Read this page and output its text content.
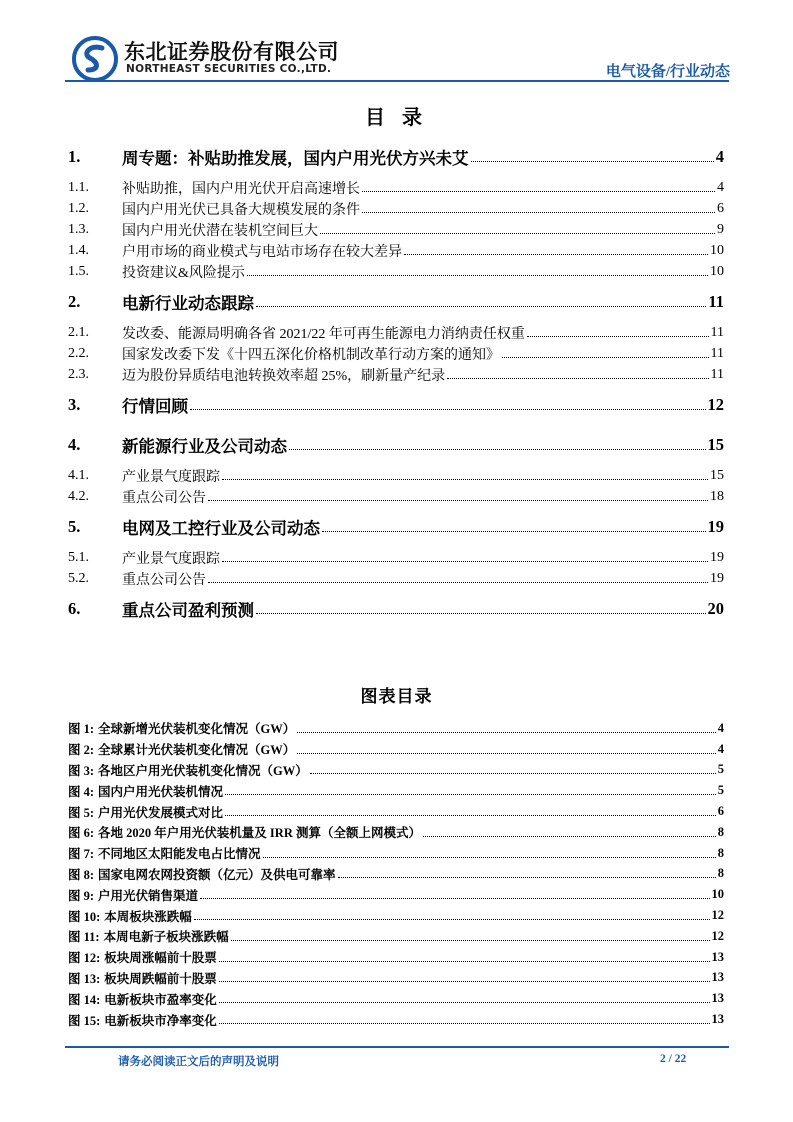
东北证券股份有限公司
NORTHEAST SECURITIES CO.,LTD.	电气设备/行业动态
目 录
1.	周专题：补贴助推发展，国内户用光伏方兴未艾	4
1.1.	补贴助推，国内户用光伏开启高速增长	4
1.2.	国内户用光伏已具备大规模发展的条件	6
1.3.	国内户用光伏潜在装机空间巨大	9
1.4.	户用市场的商业模式与电站市场存在较大差异	10
1.5.	投资建议&风险提示	10
2.	电新行业动态跟踪	11
2.1.	发改委、能源局明确各省 2021/22 年可再生能源电力消纳责任权重	11
2.2.	国家发改委下发《十四五深化价格机制改革行动方案的通知》	11
2.3.	迈为股份异质结电池转换效率超 25%，刷新量产纪录	11
3.	行情回顾	12
4.	新能源行业及公司动态	15
4.1.	产业景气度跟踪	15
4.2.	重点公司公告	18
5.	电网及工控行业及公司动态	19
5.1.	产业景气度跟踪	19
5.2.	重点公司公告	19
6.	重点公司盈利预测	20
图表目录
图 1: 全球新增光伏装机变化情况（GW）	4
图 2: 全球累计光伏装机变化情况（GW）	4
图 3: 各地区户用光伏装机变化情况（GW）	5
图 4: 国内户用光伏装机情况	5
图 5: 户用光伏发展模式对比	6
图 6: 各地 2020 年户用光伏装机量及 IRR 测算（全额上网模式）	8
图 7: 不同地区太阳能发电占比情况	8
图 8: 国家电网农网投资额（亿元）及供电可靠率	8
图 9: 户用光伏销售渠道	10
图 10: 本周板块涨跌幅	12
图 11: 本周电新子板块涨跌幅	12
图 12: 板块周涨幅前十股票	13
图 13: 板块周跌幅前十股票	13
图 14: 电新板块市盈率变化	13
图 15: 电新板块市净率变化	13
请务必阅读正文后的声明及说明	2 / 22
